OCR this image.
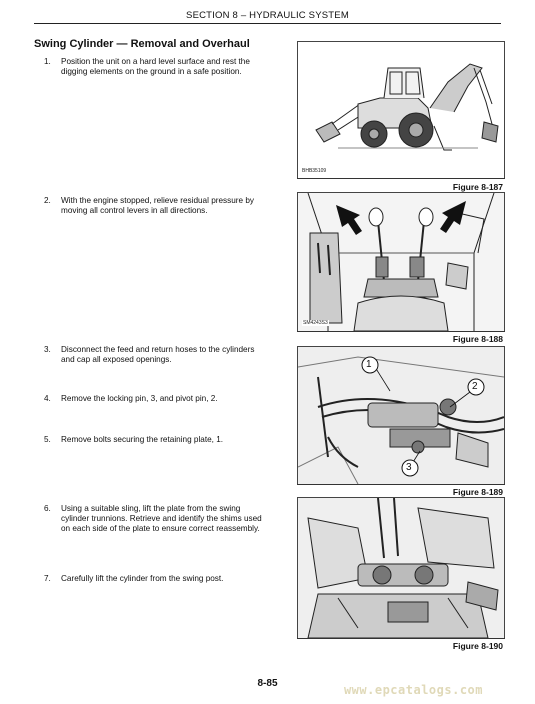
SECTION 8 – HYDRAULIC SYSTEM
Swing Cylinder — Removal and Overhaul
1. Position the unit on a hard level surface and rest the digging elements on the ground in a safe position.
2. With the engine stopped, relieve residual pressure by moving all control levers in all directions.
3. Disconnect the feed and return hoses to the cylinders and cap all exposed openings.
4. Remove the locking pin, 3, and pivot pin, 2.
5. Remove bolts securing the retaining plate, 1.
6. Using a suitable sling, lift the plate from the swing cylinder trunnions. Retrieve and identify the shims used on each side of the plate to ensure correct reassembly.
7. Carefully lift the cylinder from the swing post.
BHB35109
Figure 8-187
SM4243S3
Figure 8-188
1
2
3
Figure 8-189
Figure 8-190
8-85	www.epcatalogs.com
